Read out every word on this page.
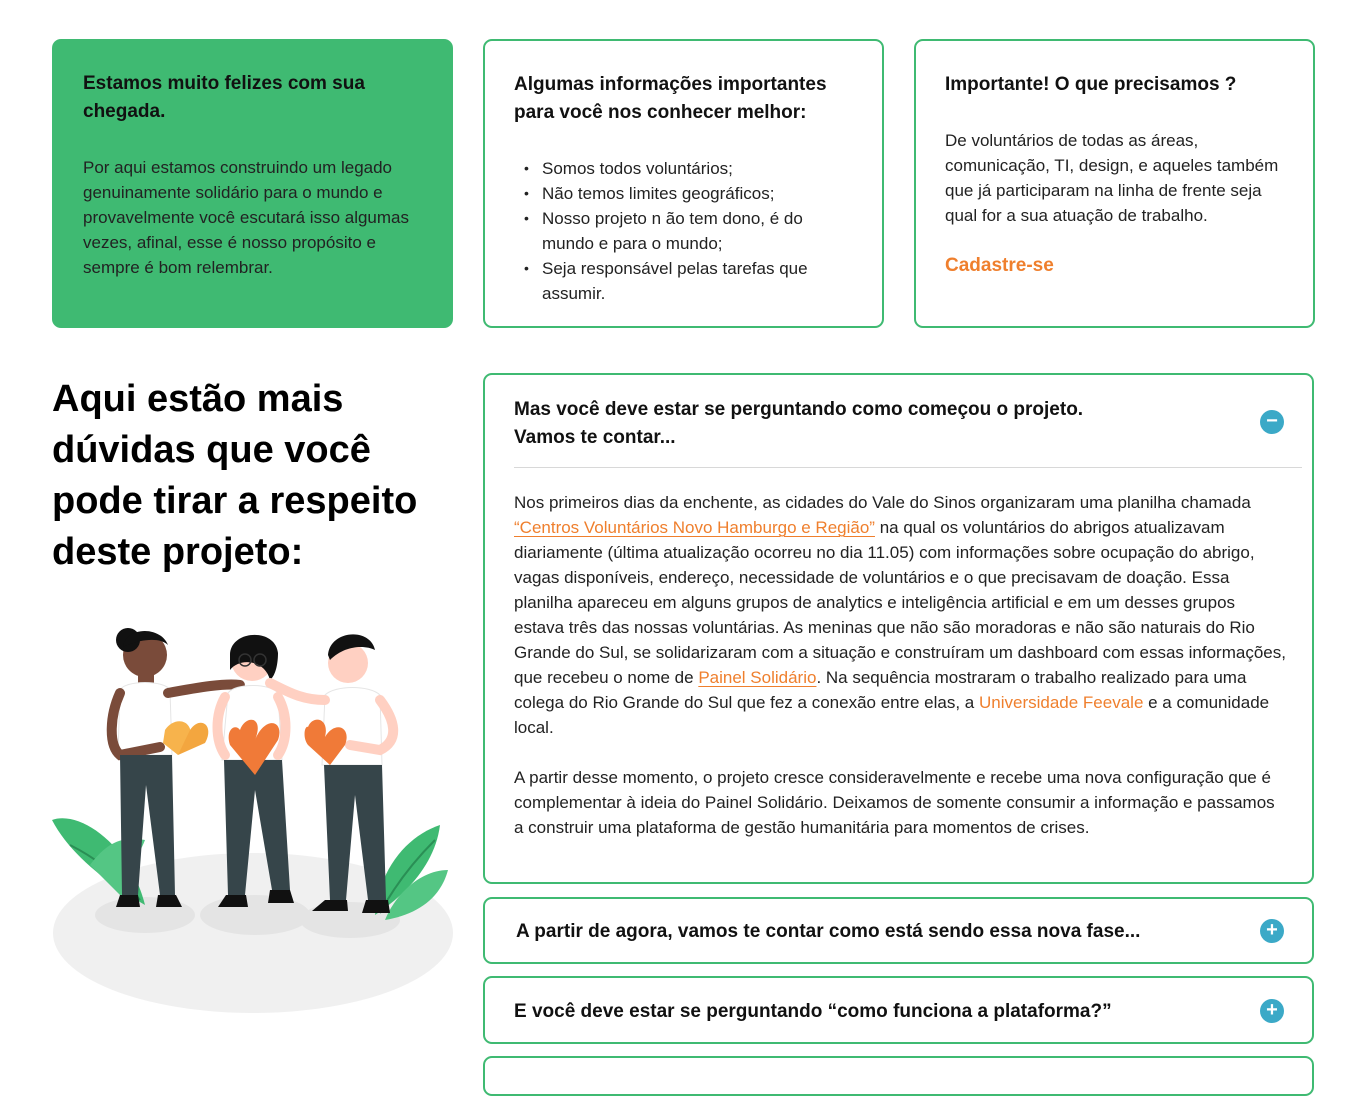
Estamos muito felizes com sua chegada.

Por aqui estamos construindo um legado genuinamente solidário para o mundo e provavelmente você escutará isso algumas vezes, afinal, esse é nosso propósito e sempre é bom relembrar.

Algumas informações importantes para você nos conhecer melhor:
• Somos todos voluntários;
• Não temos limites geográficos;
• Nosso projeto n ão tem dono, é do mundo e para o mundo;
• Seja responsável pelas tarefas que assumir.
Importante! O que precisamos ?

De voluntários de todas as áreas, comunicação, TI, design, e aqueles também que já participaram na linha de frente seja qual for a sua atuação de trabalho.

Cadastre-se
Aqui estão mais dúvidas que você pode tirar a respeito deste projeto:
Mas você deve estar se perguntando como começou o projeto.
Vamos te contar...
−

Nos primeiros dias da enchente, as cidades do Vale do Sinos organizaram uma planilha chamada “Centros Voluntários Novo Hamburgo e Região” na qual os voluntários do abrigos atualizavam diariamente (última atualização ocorreu no dia 11.05) com informações sobre ocupação do abrigo, vagas disponíveis, endereço, necessidade de voluntários e o que precisavam de doação. Essa planilha apareceu em alguns grupos de analytics e inteligência artificial e em um desses grupos estava três das nossas voluntárias. As meninas que não são moradoras e não são naturais do Rio Grande do Sul, se solidarizaram com a situação e construíram um dashboard com essas informações, que recebeu o nome de Painel Solidário. Na sequência mostraram o trabalho realizado para uma colega do Rio Grande do Sul que fez a conexão entre elas, a Universidade Feevale e a comunidade local.

A partir desse momento, o projeto cresce consideravelmente e recebe uma nova configuração que é complementar à ideia do Painel Solidário. Deixamos de somente consumir a informação e passamos a construir uma plataforma de gestão humanitária para momentos de crises.

A partir de agora, vamos te contar como está sendo essa nova fase...	+
E você deve estar se perguntando “como funciona a plataforma?”	+
